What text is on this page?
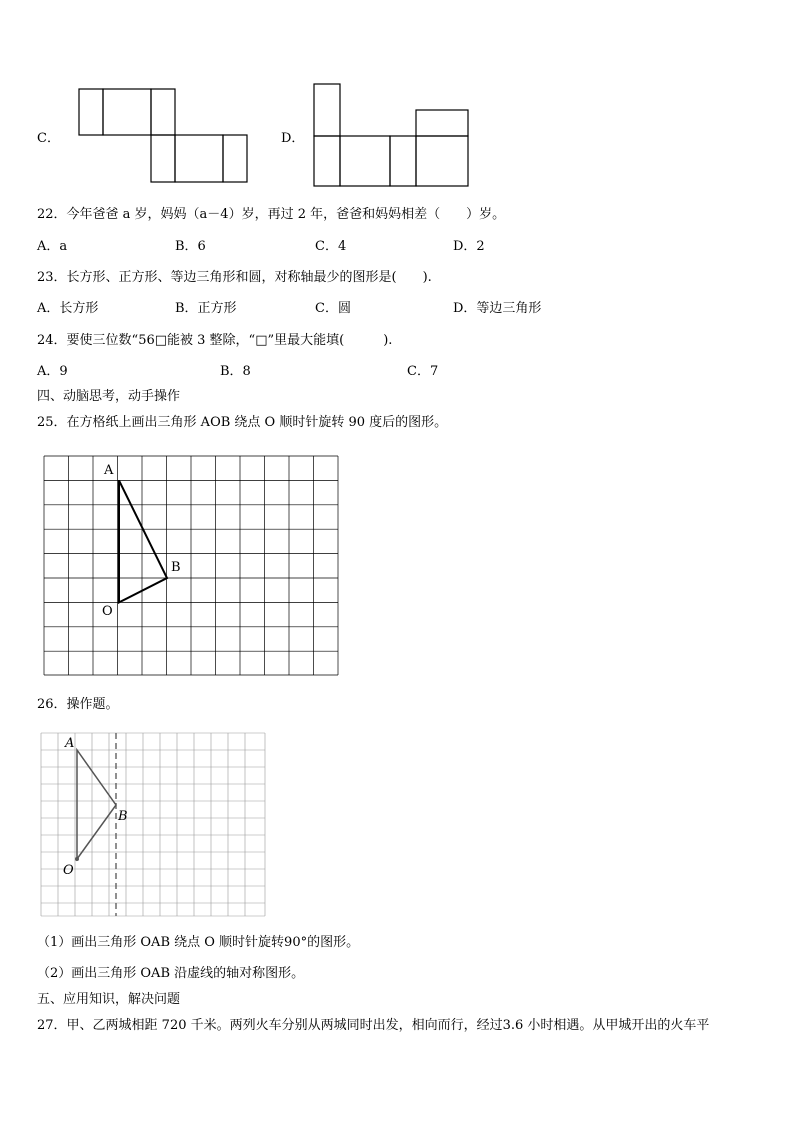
C．	D．
22．今年爸爸 a 岁，妈妈（a－4）岁，再过 2 年，爸爸和妈妈相差（　　）岁。
A．a	B．6	C．4	D．2
23．长方形、正方形、等边三角形和圆，对称轴最少的图形是(　　).
A．长方形	B．正方形	C．圆	D．等边三角形
24．要使三位数“56□能被 3 整除，“□”里最大能填(　　　).
A．9	B．8	C．7
四、动脑思考，动手操作
25．在方格纸上画出三角形 AOB 绕点 O 顺时针旋转 90 度后的图形。
A
B
O
26．操作题。
A
B
O
（1）画出三角形 OAB 绕点 O 顺时针旋转90°的图形。
（2）画出三角形 OAB 沿虚线的轴对称图形。
五、应用知识，解决问题
27．甲、乙两城相距 720 千米。两列火车分别从两城同时出发，相向而行，经过3.6 小时相遇。从甲城开出的火车平
